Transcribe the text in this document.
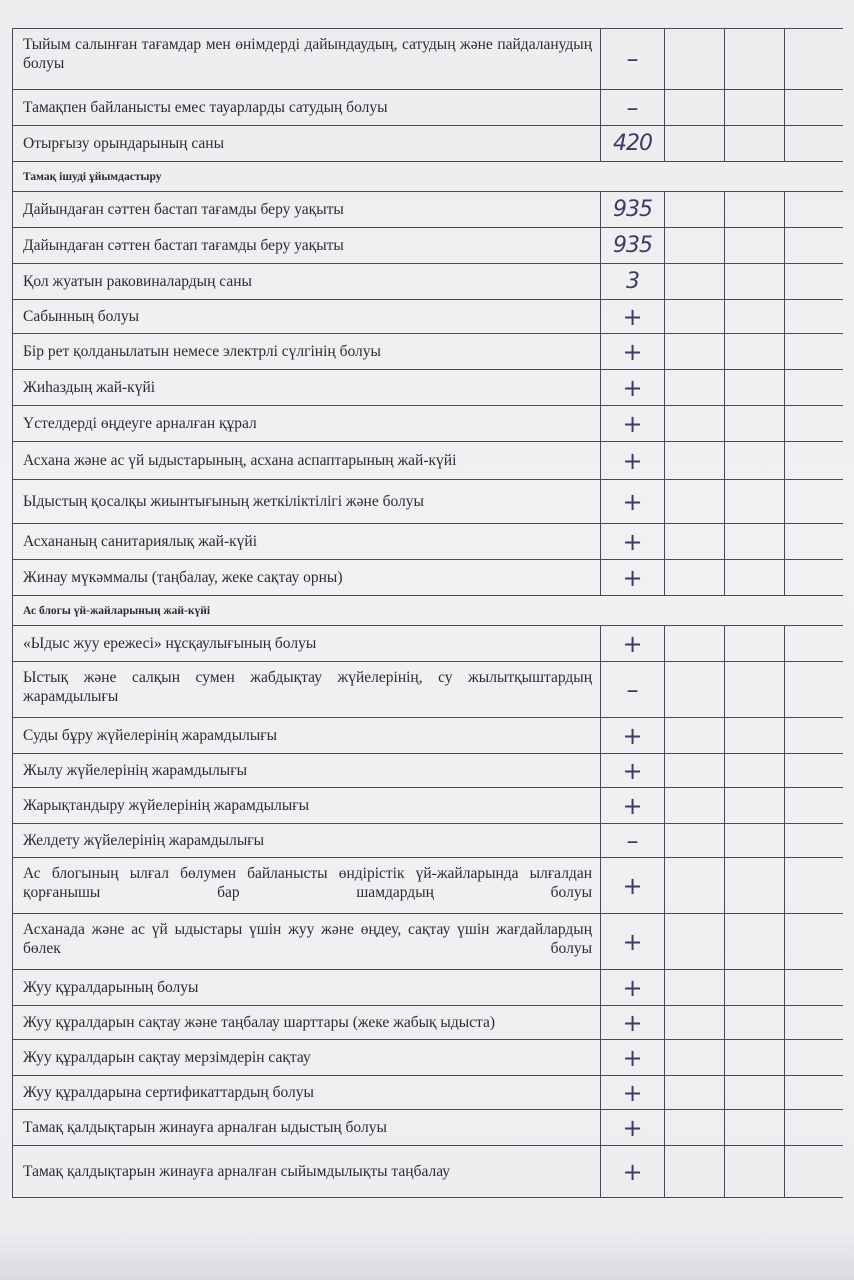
Тыйым салынған тағамдар мен өнімдерді дайындаудың, сатудың және пайдаланудың болуы	–
Тамақпен байланысты емес тауарларды сатудың болуы	–
Отырғызу орындарының саны	420
Тамақ ішуді ұйымдастыру
Дайындаған сәттен бастап тағамды беру уақыты	935
Дайындаған сәттен бастап тағамды беру уақыты	935
Қол жуатын раковиналардың саны	3
Сабынның болуы	+
Бір рет қолданылатын немесе электрлі сүлгінің болуы	+
Жиһаздың жай-күйі	+
Үстелдерді өңдеуге арналған құрал	+
Асхана және ас үй ыдыстарының, асхана аспаптарының жай-күйі	+
Ыдыстың қосалқы жиынтығының жеткіліктілігі және болуы	+
Асхананың санитариялық жай-күйі	+
Жинау мүкәммалы (таңбалау, жеке сақтау орны)	+
Ас блогы үй-жайларының жай-күйі
«Ыдыс жуу ережесі» нұсқаулығының болуы	+
Ыстық және салқын сумен жабдықтау жүйелерінің, су жылытқыштардың жарамдылығы	–
Суды бұру жүйелерінің жарамдылығы	+
Жылу жүйелерінің жарамдылығы	+
Жарықтандыру жүйелерінің жарамдылығы	+
Желдету жүйелерінің жарамдылығы	–
Ас блогының ылғал бөлумен байланысты өндірістік үй-жайларында ылғалдан қорғанышы бар шамдардың болуы	+
Асханада және ас үй ыдыстары үшін жуу және өңдеу, сақтау үшін жағдайлардың бөлек болуы	+
Жуу құралдарының болуы	+
Жуу құралдарын сақтау және таңбалау шарттары (жеке жабық ыдыста)	+
Жуу құралдарын сақтау мерзімдерін сақтау	+
Жуу құралдарына сертификаттардың болуы	+
Тамақ қалдықтарын жинауға арналған ыдыстың болуы	+
Тамақ қалдықтарын жинауға арналған сыйымдылықты таңбалау	+
